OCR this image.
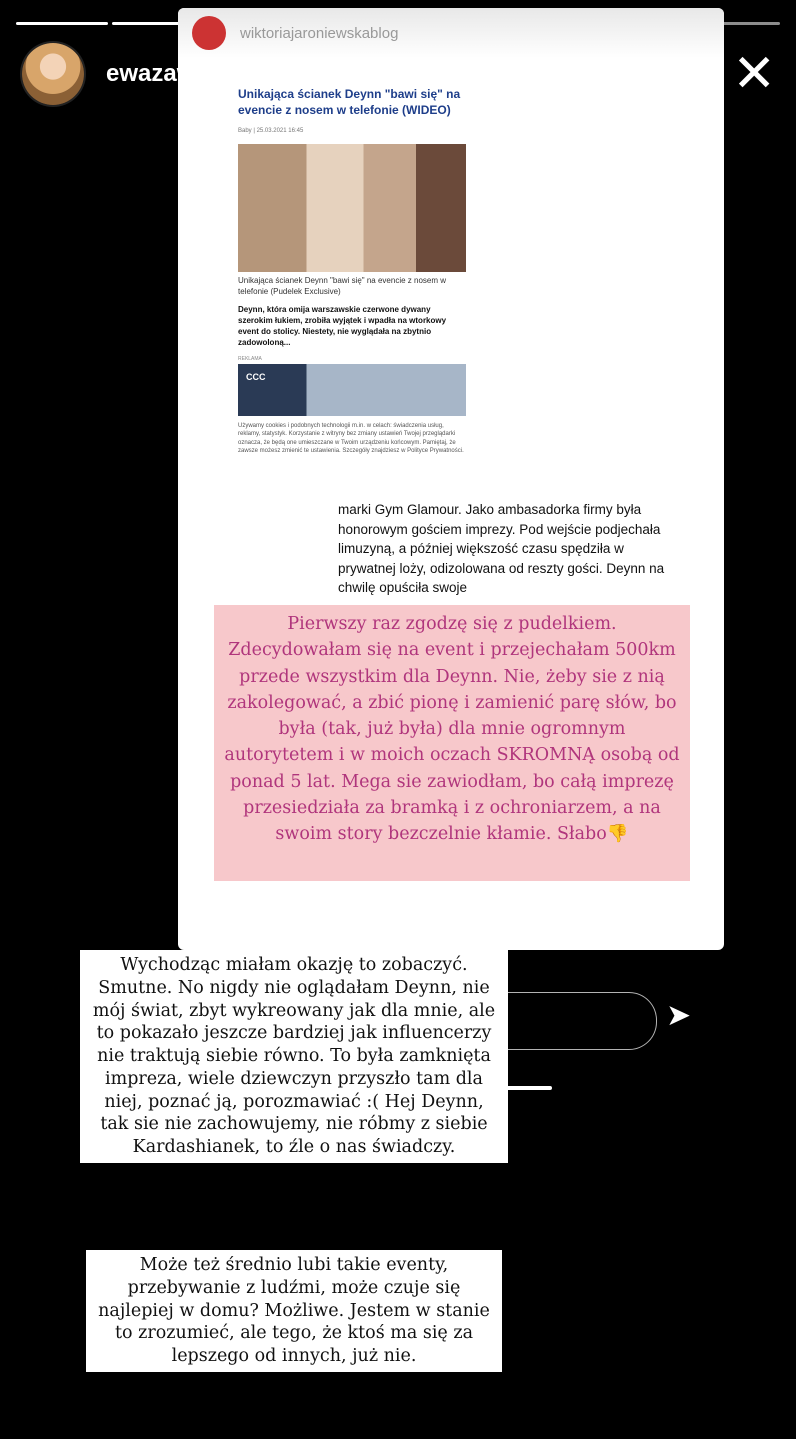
wiktoriajaroniewskablog
Unikająca ścianek Deynn "bawi się" na evencie z nosem w telefonie (WIDEO)
Baby | 25.03.2021 16:45
Unikająca ścianek Deynn "bawi się" na evencie z nosem w telefonie (Pudelek Exclusive)
Deynn, która omija warszawskie czerwone dywany szerokim łukiem, zrobiła wyjątek i wpadła na wtorkowy event do stolicy. Niestety, nie wyglądała na zbytnio zadowoloną...
REKLAMA
CCC
Używamy cookies i podobnych technologii m.in. w celach: świadczenia usług, reklamy, statystyk. Korzystanie z witryny bez zmiany ustawień Twojej przeglądarki oznacza, że będą one umieszczane w Twoim urządzeniu końcowym. Pamiętaj, że zawsze możesz zmienić te ustawienia. Szczegóły znajdziesz w Polityce Prywatności.
marki Gym Glamour. Jako ambasadorka firmy była honorowym gościem imprezy. Pod wejście podjechała limuzyną, a później większość czasu spędziła w prywatnej loży, odizolowana od reszty gości. Deynn na chwilę opuściła swoje
Pierwszy raz zgodzę się z pudelkiem. Zdecydowałam się na event i przejechałam 500km przede wszystkim dla Deynn. Nie, żeby sie z nią zakolegować, a zbić pionę i zamienić parę słów, bo była (tak, już była) dla mnie ogromnym autorytetem i w moich oczach SKROMNĄ osobą od ponad 5 lat. Mega sie zawiodłam, bo całą imprezę przesiedziała za bramką i z ochroniarzem, a na swoim story bezczelnie kłamie. Słabo👎
ewazawadza 23min	••• ✕
➤
Wychodząc miałam okazję to zobaczyć. Smutne. No nigdy nie oglądałam Deynn, nie mój świat, zbyt wykreowany jak dla mnie, ale to pokazało jeszcze bardziej jak influencerzy nie traktują siebie równo. To była zamknięta impreza, wiele dziewczyn przyszło tam dla niej, poznać ją, porozmawiać :( Hej Deynn, tak sie nie zachowujemy, nie róbmy z siebie Kardashianek, to źle o nas świadczy.
Może też średnio lubi takie eventy, przebywanie z ludźmi, może czuje się najlepiej w domu? Możliwe. Jestem w stanie to zrozumieć, ale tego, że ktoś ma się za lepszego od innych, już nie.
